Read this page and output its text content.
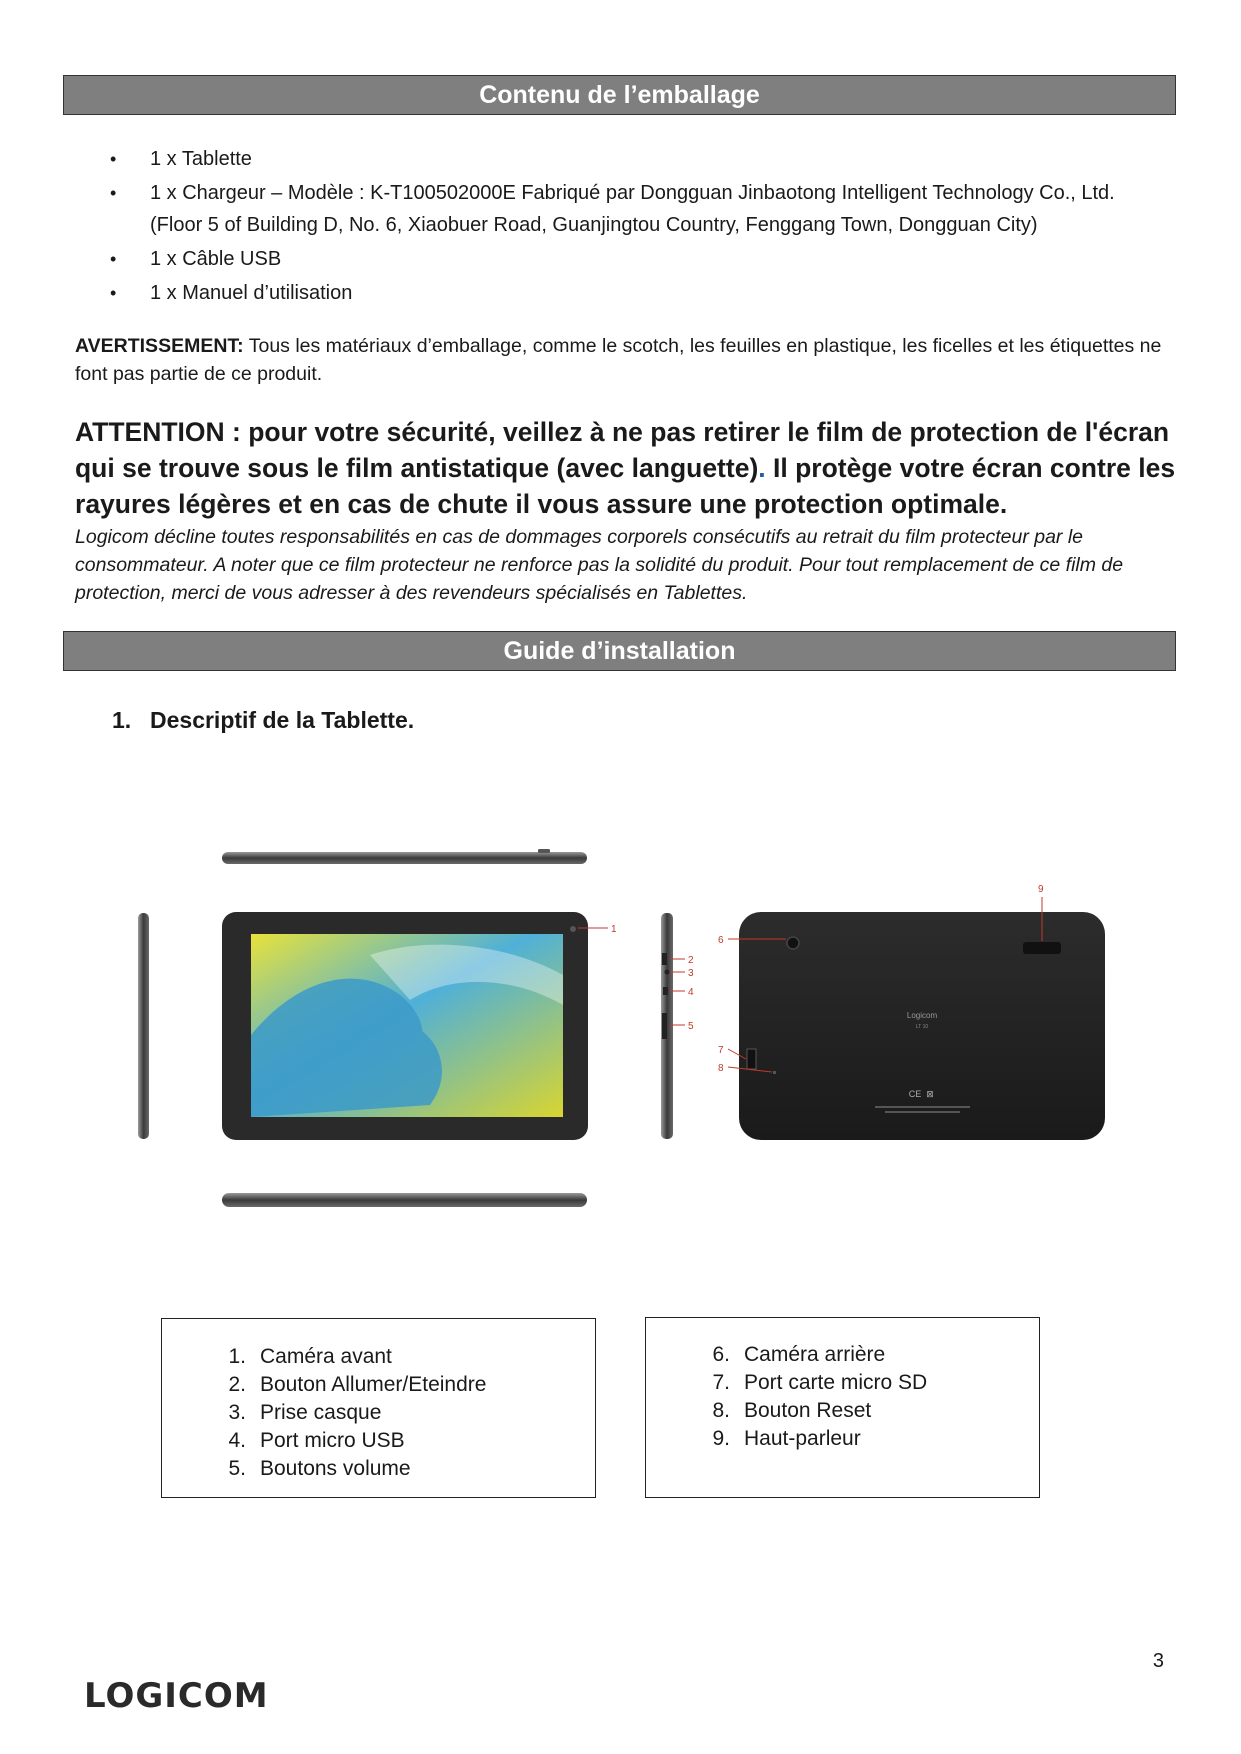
Contenu de l’emballage
• 1 x Tablette
• 1 x Chargeur – Modèle : K-T100502000E Fabriqué par Dongguan Jinbaotong Intelligent Technology Co., Ltd.
(Floor 5 of Building D, No. 6, Xiaobuer Road, Guanjingtou Country, Fenggang Town, Dongguan City)
• 1 x Câble USB
• 1 x Manuel d’utilisation
AVERTISSEMENT: Tous les matériaux d’emballage, comme le scotch, les feuilles en plastique, les ficelles et les étiquettes ne font pas partie de ce produit.
ATTENTION : pour votre sécurité, veillez à ne pas retirer le film de protection de l'écran qui se trouve sous le film antistatique (avec languette). Il protège votre écran contre les rayures légères et en cas de chute il vous assure une protection optimale.
Logicom décline toutes responsabilités en cas de dommages corporels consécutifs au retrait du film protecteur par le consommateur. A noter que ce film protecteur ne renforce pas la solidité du produit. Pour tout remplacement de ce film de protection, merci de vous adresser à des revendeurs spécialisés en Tablettes.
Guide d’installation
1. Descriptif de la Tablette.
1
2
3
4
5
Logicom
LT 10
CE ⊠
6
7
8
9
1. Caméra avant
2. Bouton Allumer/Eteindre
3. Prise casque
4. Port micro USB
5. Boutons volume
6. Caméra arrière
7. Port carte micro SD
8. Bouton Reset
9. Haut-parleur
3
LOGICOM
